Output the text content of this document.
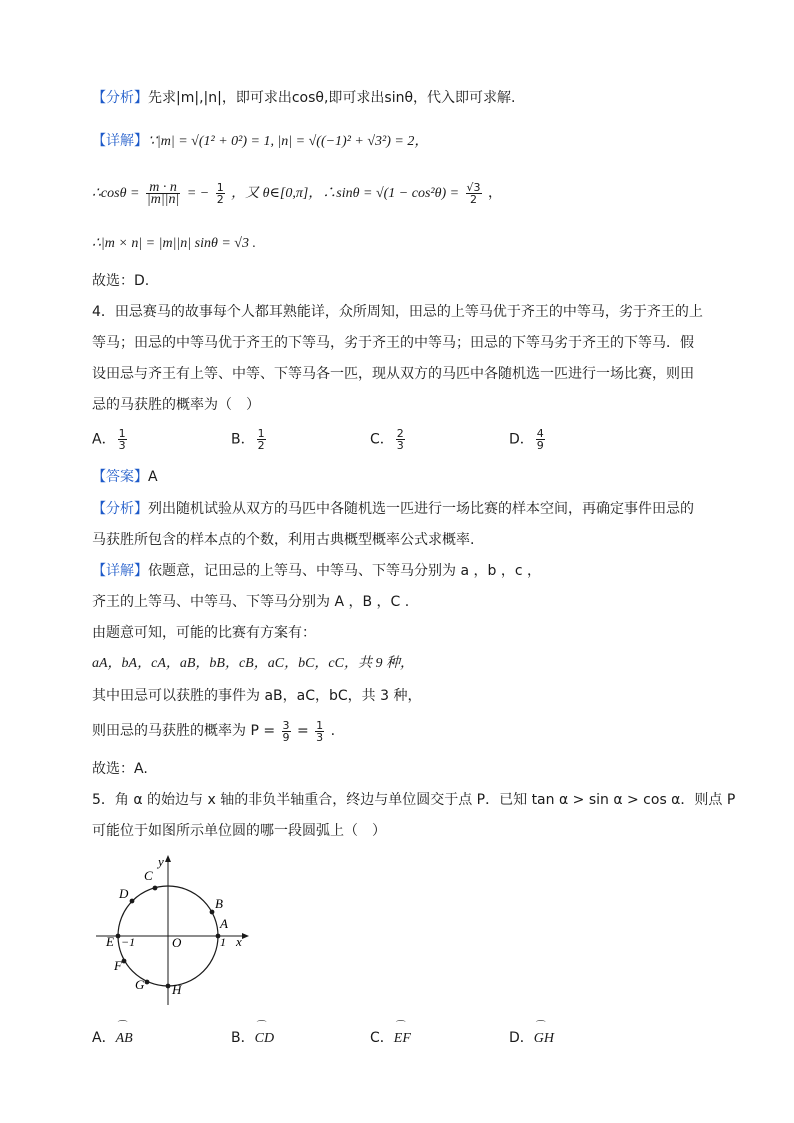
【分析】先求|m|,|n|，即可求出cosθ,即可求出sinθ，代入即可求解.
【详解】∵|m| = √(1² + 0²) = 1, |n| = √((−1)² + √3²) = 2，
∴cosθ = $\frac{m \cdot n}{|m||n|}$ = − $\frac{1}{2}$ ，又 θ∈[0,π]，∴sinθ = $√(1 - \cos^2\theta) = \frac{√3}{2}$ ，
∴|m × n| = |m||n| sinθ = √3 .
故选：D.
4．田忌赛马的故事每个人都耳熟能详，众所周知，田忌的上等马优于齐王的中等马，劣于齐王的上
等马；田忌的中等马优于齐王的下等马，劣于齐王的中等马；田忌的下等马劣于齐王的下等马．假
设田忌与齐王有上等、中等、下等马各一匹，现从双方的马匹中各随机选一匹进行一场比赛，则田
忌的马获胜的概率为（　）
A． $\frac{1}{3}$	B． $\frac{1}{2}$	C． $\frac{2}{3}$	D． $\frac{4}{9}$
【答案】A
【分析】列出随机试验从双方的马匹中各随机选一匹进行一场比赛的样本空间，再确定事件田忌的
马获胜所包含的样本点的个数，利用古典概型概率公式求概率.
【详解】依题意，记田忌的上等马、中等马、下等马分别为 a ，b ，c ，
齐王的上等马、中等马、下等马分别为 A ，B ，C .
由题意可知，可能的比赛有方案有：
aA，bA，cA，aB，bB，cB，aC，bC，cC，共 9 种，
其中田忌可以获胜的事件为 aB，aC，bC，共 3 种，
则田忌的马获胜的概率为 $P = \frac{3}{9} = \frac{1}{3}$ .
故选：A.
5．角 α 的始边与 x 轴的非负半轴重合，终边与单位圆交于点 P．已知 tan α > sin α > cos α．则点 P
可能位于如图所示单位圆的哪一段圆弧上（　）
y
x
O	1
−1
A
B
C
D
E
F
G H
A．
⌒
AB	B．
⌒
CD	C．
⌒
EF	D．
⌒
GH
